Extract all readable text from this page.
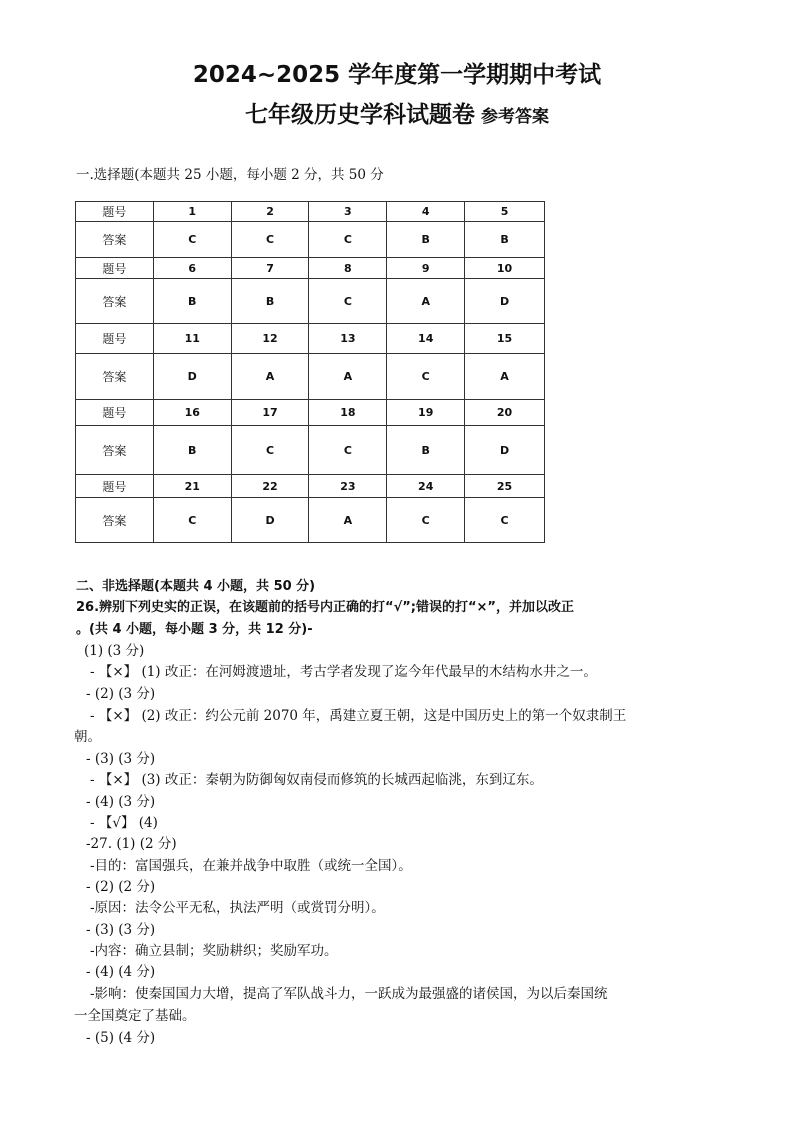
2024~2025 学年度第一学期期中考试
七年级历史学科试题卷 参考答案
一.选择题(本题共 25 小题，每小题 2 分，共 50 分
题号	1	2	3	4	5
答案	C	C	C	B	B
题号	6	7	8	9	10
答案	B	B	C	A	D
题号	11	12	13	14	15
答案	D	A	A	C	A
题号	16	17	18	19	20
答案	B	C	C	B	D
题号	21	22	23	24	25
答案	C	D	A	C	C
二、非选择题(本题共 4 小题，共 50 分)
26.辨别下列史实的正误，在该题前的括号内正确的打“√”;错误的打“×”，并加以改正
。(共 4 小题，每小题 3 分，共 12 分)-
(1) (3 分)
- 【×】 (1) 改正：在河姆渡遗址，考古学者发现了迄今年代最早的木结构水井之一。
- (2) (3 分)
- 【×】 (2) 改正：约公元前 2070 年，禹建立夏王朝，这是中国历史上的第一个奴隶制王
朝。
- (3) (3 分)
- 【×】 (3) 改正：秦朝为防御匈奴南侵而修筑的长城西起临洮，东到辽东。
- (4) (3 分)
- 【√】 (4)
-27. (1) (2 分)
-目的：富国强兵，在兼并战争中取胜（或统一全国）。
- (2) (2 分)
-原因：法令公平无私，执法严明（或赏罚分明）。
- (3) (3 分)
-内容：确立县制；奖励耕织；奖励军功。
- (4) (4 分)
-影响：使秦国国力大增，提高了军队战斗力，一跃成为最强盛的诸侯国，为以后秦国统
一全国奠定了基础。
- (5) (4 分)
